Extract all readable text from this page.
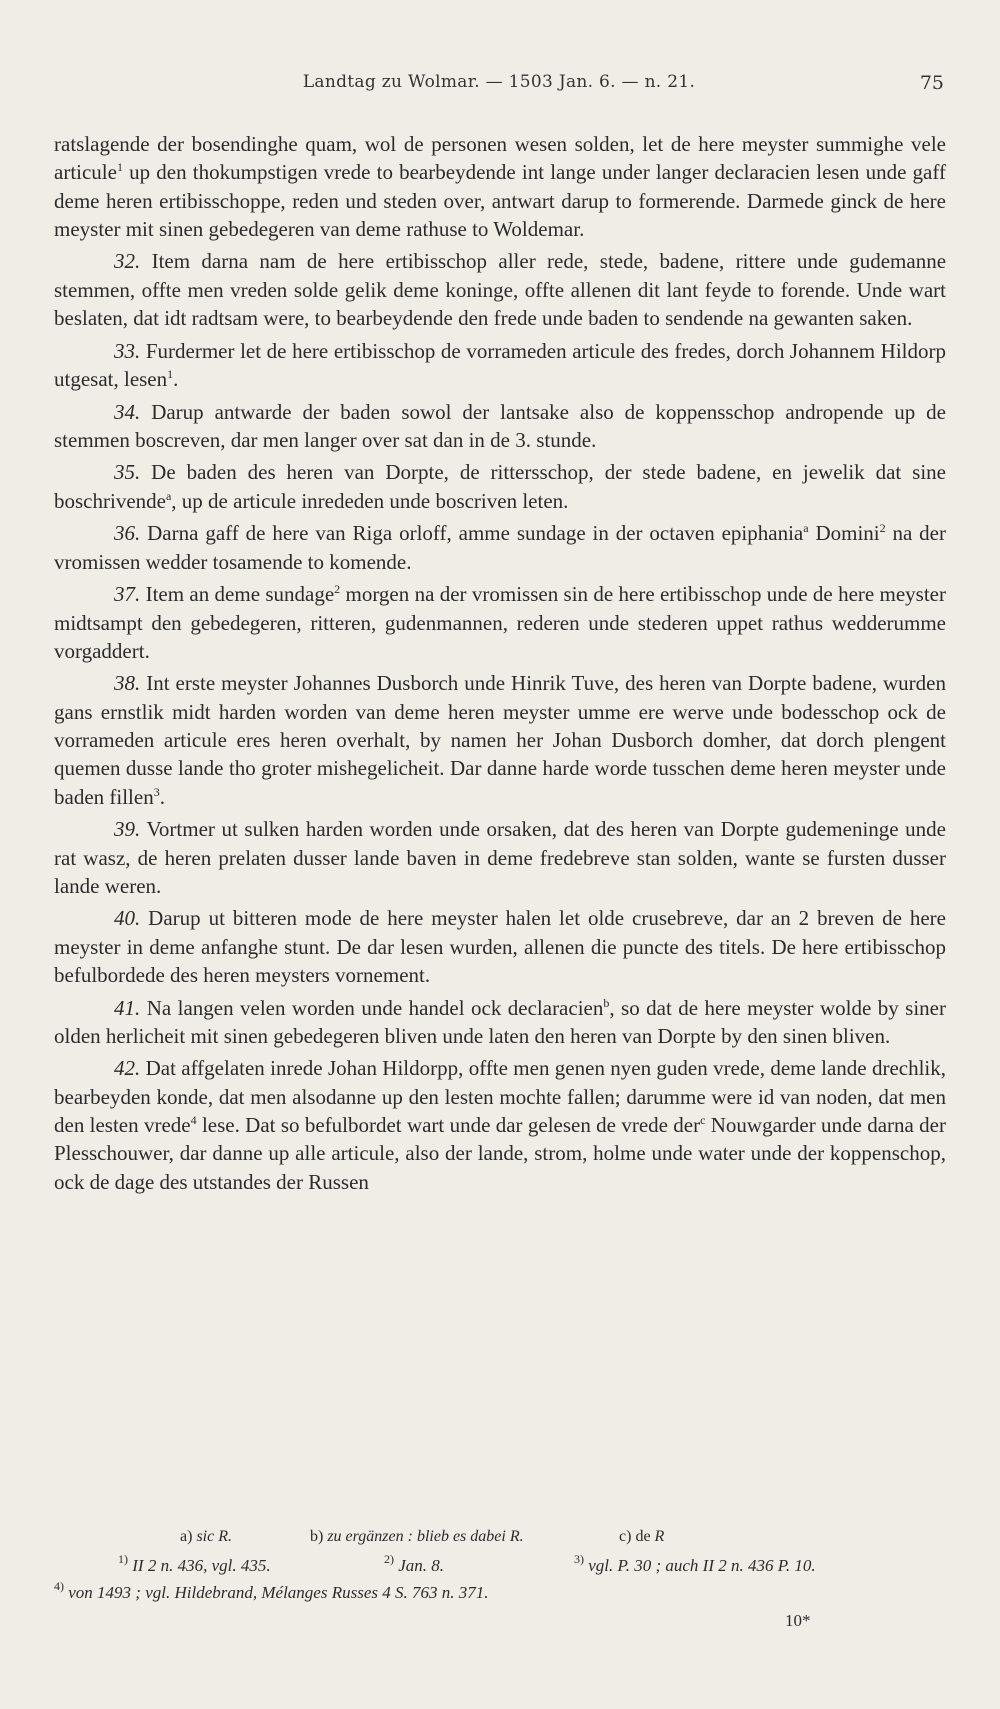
Landtag zu Wolmar. — 1503 Jan. 6. — n. 21.	75

ratslagende der bosendinghe quam, wol de personen wesen solden, let de here meyster summighe vele articule$^1$ up den thokumpstigen vrede to bearbeydende int lange under langer declaracien lesen unde gaff deme heren ertibisschoppe, reden und steden over, antwart darup to formerende. Darmede ginck de here meyster mit sinen gebedegeren van deme rathuse to Woldemar.

32. Item darna nam de here ertibisschop aller rede, stede, badene, rittere unde gudemanne stemmen, offte men vreden solde gelik deme koninge, offte allenen dit lant feyde to forende. Unde wart beslaten, dat idt radtsam were, to bearbeydende den frede unde baden to sendende na gewanten saken.

33. Furdermer let de here ertibisschop de vorrameden articule des fredes, dorch Johannem Hildorp utgesat, lesen$^1$.

34. Darup antwarde der baden sowol der lantsake also de koppensschop andropende up de stemmen boscreven, dar men langer over sat dan in de 3. stunde.

35. De baden des heren van Dorpte, de rittersschop, der stede badene, en jewelik dat sine boschrivende$^a$, up de articule inrededen unde boscriven leten.

36. Darna gaff de here van Riga orloff, amme sundage in der octaven epiphania$^a$ Domini$^2$ na der vromissen wedder tosamende to komende.

37. Item an deme sundage$^2$ morgen na der vromissen sin de here ertibisschop unde de here meyster midtsampt den gebedegeren, ritteren, gudenmannen, rederen unde stederen uppet rathus wedderumme vorgaddert.

38. Int erste meyster Johannes Dusborch unde Hinrik Tuve, des heren van Dorpte badene, wurden gans ernstlik midt harden worden van deme heren meyster umme ere werve unde bodesschop ock de vorrameden articule eres heren overhalt, by namen her Johan Dusborch domher, dat dorch plengent quemen dusse lande tho groter mishegelicheit. Dar danne harde worde tusschen deme heren meyster unde baden fillen$^3$.

39. Vortmer ut sulken harden worden unde orsaken, dat des heren van Dorpte gudemeninge unde rat wasz, de heren prelaten dusser lande baven in deme fredebreve stan solden, wante se fursten dusser lande weren.

40. Darup ut bitteren mode de here meyster halen let olde crusebreve, dar an 2 breven de here meyster in deme anfanghe stunt. De dar lesen wurden, allenen die puncte des titels. De here ertibisschop befulbordede des heren meysters vornement.

41. Na langen velen worden unde handel ock declaracien$^b$, so dat de here meyster wolde by siner olden herlicheit mit sinen gebedegeren bliven unde laten den heren van Dorpte by den sinen bliven.

42. Dat affgelaten inrede Johan Hildorpp, offte men genen nyen guden vrede, deme lande drechlik, bearbeyden konde, dat men alsodanne up den lesten mochte fallen; darumme were id van noden, dat men den lesten vrede$^4$ lese. Dat so befulbordet wart unde dar gelesen de vrede der$^c$ Nouwgarder unde darna der Plesschouwer, dar danne up alle articule, also der lande, strom, holme unde water unde der koppenschop, ock de dage des utstandes der Russen

a) sic R.	b) zu ergänzen : blieb es dabei R.	c) de R
$^{1)}$ II 2 n. 436, vgl. 435.	$^{2)}$ Jan. 8.	$^{3)}$ vgl. P. 30 ; auch II 2 n. 436 P. 10.
$^{4)}$ von 1493 ; vgl. Hildebrand, Mélanges Russes 4 S. 763 n. 371.
10*
